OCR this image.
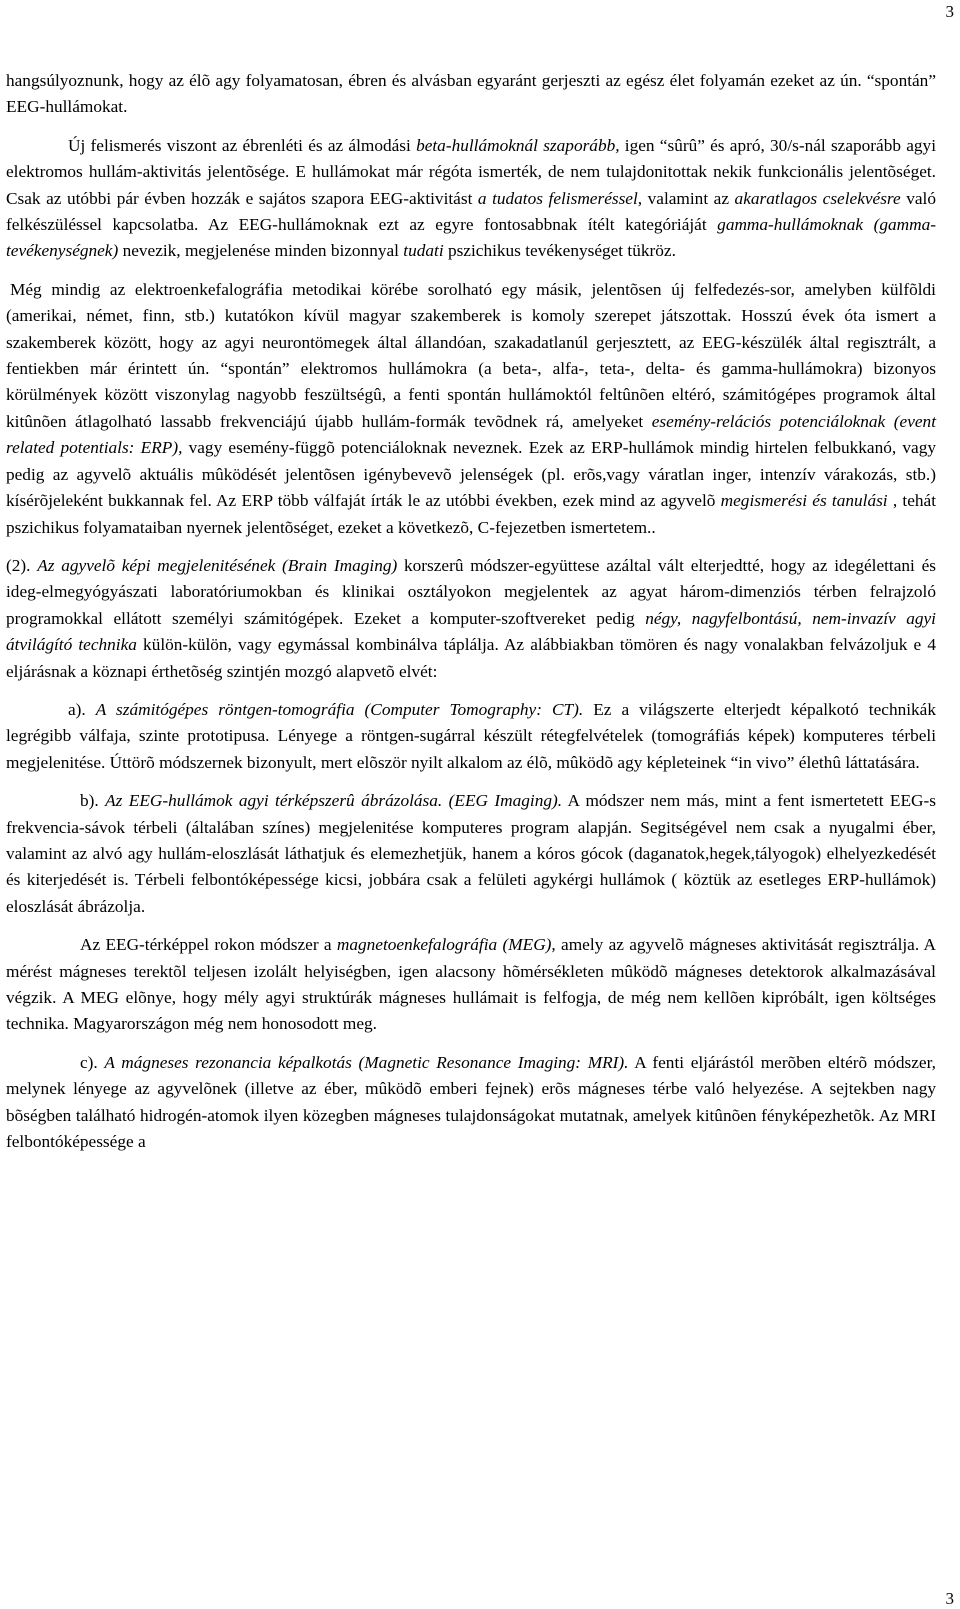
3

hangsúlyoznunk, hogy az élõ agy folyamatosan, ébren és alvásban egyaránt gerjeszti az egész élet folyamán ezeket az ún. “spontán” EEG-hullámokat.

Új felismerés viszont az ébrenléti és az álmodási beta-hullámoknál szaporább, igen “sûrû” és apró, 30/s-nál szaporább agyi elektromos hullám-aktivitás jelentõsége. E hullámokat már régóta ismerték, de nem tulajdonitottak nekik funkcionális jelentõséget. Csak az utóbbi pár évben hozzák e sajátos szapora EEG-aktivitást a tudatos felismeréssel, valamint az akaratlagos cselekvésre való felkészüléssel kapcsolatba. Az EEG-hullámoknak ezt az egyre fontosabbnak ítélt kategóriáját gamma-hullámoknak (gamma-tevékenységnek) nevezik, megjelenése minden bizonnyal tudati pszichikus tevékenységet tükröz.

Még mindig az elektroenkefalográfia metodikai körébe sorolható egy másik, jelentõsen új felfedezés-sor, amelyben külfõldi (amerikai, német, finn, stb.) kutatókon kívül magyar szakemberek is komoly szerepet játszottak. Hosszú évek óta ismert a szakemberek között, hogy az agyi neurontömegek által állandóan, szakadatlanúl gerjesztett, az EEG-készülék által regisztrált, a fentiekben már érintett ún. “spontán” elektromos hullámokra (a beta-, alfa-, teta-, delta- és gamma-hullámokra) bizonyos körülmények között viszonylag nagyobb feszültségû, a fenti spontán hullámoktól feltûnõen eltéró, számitógépes programok által kitûnõen átlagolható lassabb frekvenciájú újabb hullám-formák tevõdnek rá, amelyeket esemény-relációs potenciáloknak (event related potentials: ERP), vagy esemény-függõ potenciáloknak neveznek. Ezek az ERP-hullámok mindig hirtelen felbukkanó, vagy pedig az agyvelõ aktuális mûködését jelentõsen igénybevevõ jelenségek (pl. erõs,vagy váratlan inger, intenzív várakozás, stb.) kísérõjeleként bukkannak fel. Az ERP több válfaját írták le az utóbbi években, ezek mind az agyvelõ megismerési és tanulási , tehát pszichikus folyamataiban nyernek jelentõséget, ezeket a következõ, C-fejezetben ismertetem..

(2). Az agyvelõ képi megjelenitésének (Brain Imaging) korszerû módszer-együttese azáltal vált elterjedtté, hogy az idegélettani és ideg-elmegyógyászati laboratóriumokban és klinikai osztályokon megjelentek az agyat három-dimenziós térben felrajzoló programokkal ellátott személyi számitógépek. Ezeket a komputer-szoftvereket pedig négy, nagyfelbontású, nem-invazív agyi átvilágító technika külön-külön, vagy egymással kombinálva táplálja. Az alábbiakban tömören és nagy vonalakban felvázoljuk e 4 eljárásnak a köznapi érthetõség szintjén mozgó alapvetõ elvét:

a). A számitógépes röntgen-tomográfia (Computer Tomography: CT). Ez a világszerte elterjedt képalkotó technikák legrégibb válfaja, szinte prototipusa. Lényege a röntgen-sugárral készült rétegfelvételek (tomográfiás képek) komputeres térbeli megjelenitése. Úttörõ módszernek bizonyult, mert elõször nyilt alkalom az élõ, mûködõ agy képleteinek “in vivo” élethû láttatására.

b). Az EEG-hullámok agyi térképszerû ábrázolása. (EEG Imaging). A módszer nem más, mint a fent ismertetett EEG-s frekvencia-sávok térbeli (általában színes) megjelenitése komputeres program alapján. Segitségével nem csak a nyugalmi éber, valamint az alvó agy hullám-eloszlását láthatjuk és elemezhetjük, hanem a kóros gócok (daganatok,hegek,tályogok) elhelyezkedését és kiterjedését is. Térbeli felbontóképessége kicsi, jobbára csak a felületi agykérgi hullámok ( köztük az esetleges ERP-hullámok) eloszlását ábrázolja.

Az EEG-térképpel rokon módszer a magnetoenkefalográfia (MEG), amely az agyvelõ mágneses aktivitását regisztrálja. A mérést mágneses terektõl teljesen izolált helyiségben, igen alacsony hõmérsékleten mûködõ mágneses detektorok alkalmazásával végzik. A MEG elõnye, hogy mély agyi struktúrák mágneses hullámait is felfogja, de még nem kellõen kipróbált, igen költséges technika. Magyarországon még nem honosodott meg.

c). A mágneses rezonancia képalkotás (Magnetic Resonance Imaging: MRI). A fenti eljárástól merõben eltérõ módszer, melynek lényege az agyvelõnek (illetve az éber, mûködõ emberi fejnek) erõs mágneses térbe való helyezése. A sejtekben nagy bõségben található hidrogén-atomok ilyen közegben mágneses tulajdonságokat mutatnak, amelyek kitûnõen fényképezhetõk. Az MRI felbontóképessége a

3
